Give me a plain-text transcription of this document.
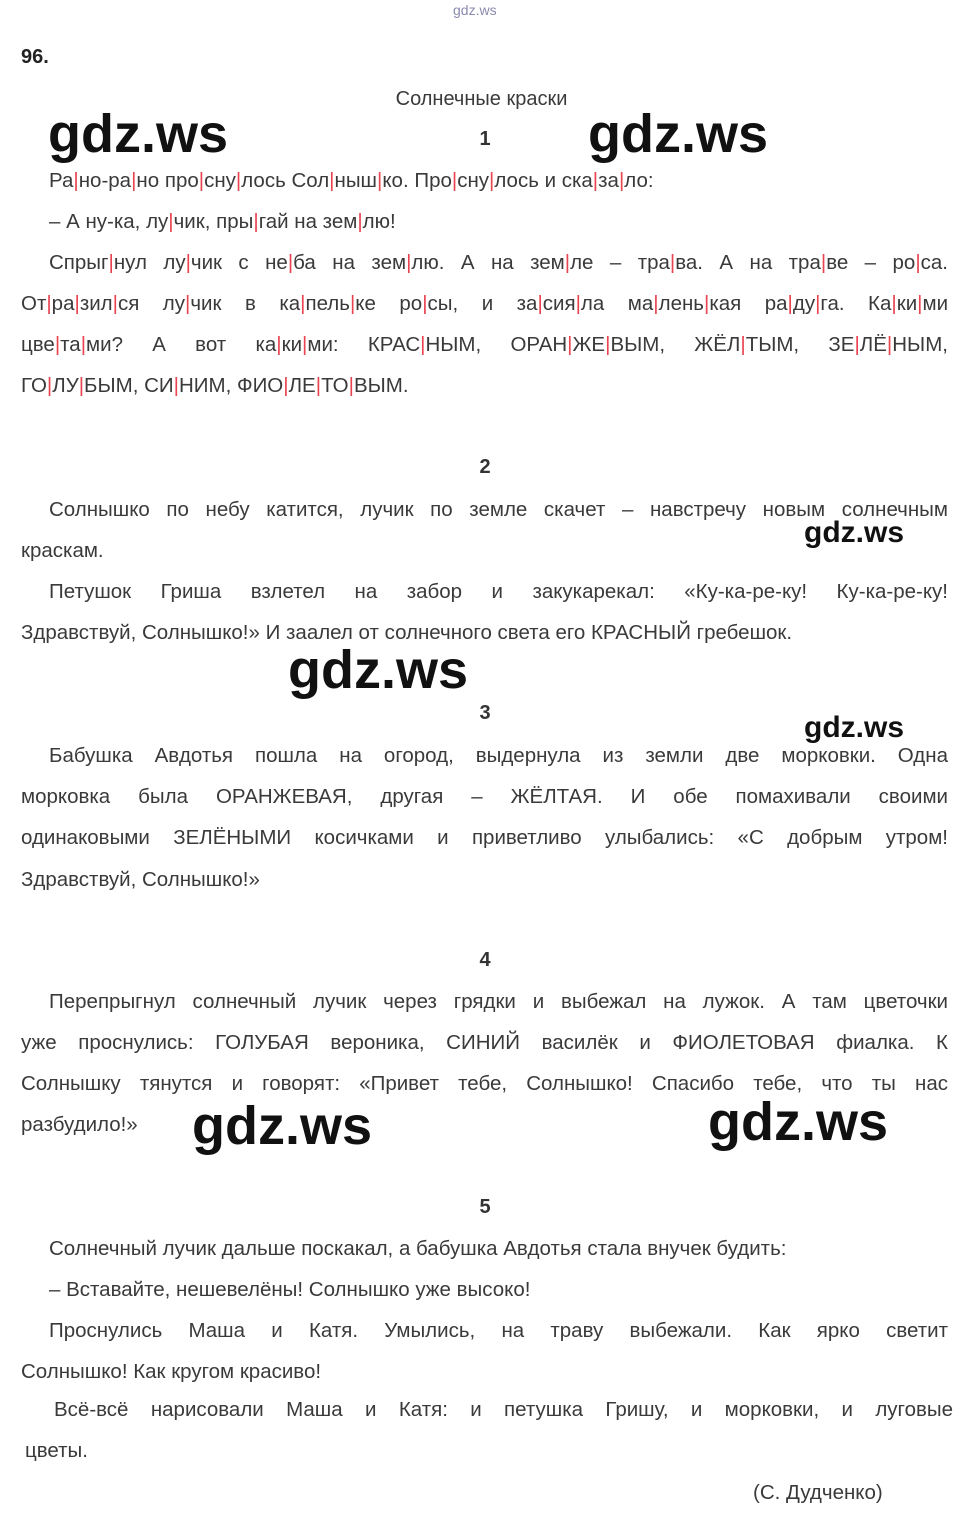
gdz.ws
96.
Солнечные краски
gdz.ws	gdz.ws
gdz.ws
gdz.ws
gdz.ws
gdz.ws	gdz.ws
1
2
3
4
5
Ра|но-ра|но про|сну|лось Сол|ныш|ко. Про|сну|лось и ска|за|ло:
– А ну-ка, лу|чик, пры|гай на зем|лю!
Спрыг|нул лу|чик с не|ба на зем|лю. А на зем|ле – тра|ва. А на тра|ве – ро|са.
От|ра|зил|ся лу|чик в ка|пель|ке ро|сы, и за|сия|ла ма|лень|кая ра|ду|га. Ка|ки|ми
цве|та|ми? А вот ка|ки|ми: КРАС|НЫМ, ОРАН|ЖЕ|ВЫМ, ЖЁЛ|ТЫМ, ЗЕ|ЛЁ|НЫМ,
ГО|ЛУ|БЫМ, СИ|НИМ, ФИО|ЛЕ|ТО|ВЫМ.
Солнышко по небу катится, лучик по земле скачет – навстречу новым солнечным
краскам.
Петушок Гриша взлетел на забор и закукарекал: «Ку-ка-ре-ку! Ку-ка-ре-ку!
Здравствуй, Солнышко!» И заалел от солнечного света его КРАСНЫЙ гребешок.
Бабушка Авдотья пошла на огород, выдернула из земли две морковки. Одна
морковка была ОРАНЖЕВАЯ, другая – ЖЁЛТАЯ. И обе помахивали своими
одинаковыми ЗЕЛЁНЫМИ косичками и приветливо улыбались: «С добрым утром!
Здравствуй, Солнышко!»
Перепрыгнул солнечный лучик через грядки и выбежал на лужок. А там цветочки
уже проснулись: ГОЛУБАЯ вероника, СИНИЙ василёк и ФИОЛЕТОВАЯ фиалка. К
Солнышку тянутся и говорят: «Привет тебе, Солнышко! Спасибо тебе, что ты нас
разбудило!»
Солнечный лучик дальше поскакал, а бабушка Авдотья стала внучек будить:
– Вставайте, нешевелёны! Солнышко уже высоко!
Проснулись Маша и Катя. Умылись, на траву выбежали. Как ярко светит
Солнышко! Как кругом красиво!
Всё-всё нарисовали Маша и Катя: и петушка Гришу, и морковки, и луговые
цветы.
(С. Дудченко)
